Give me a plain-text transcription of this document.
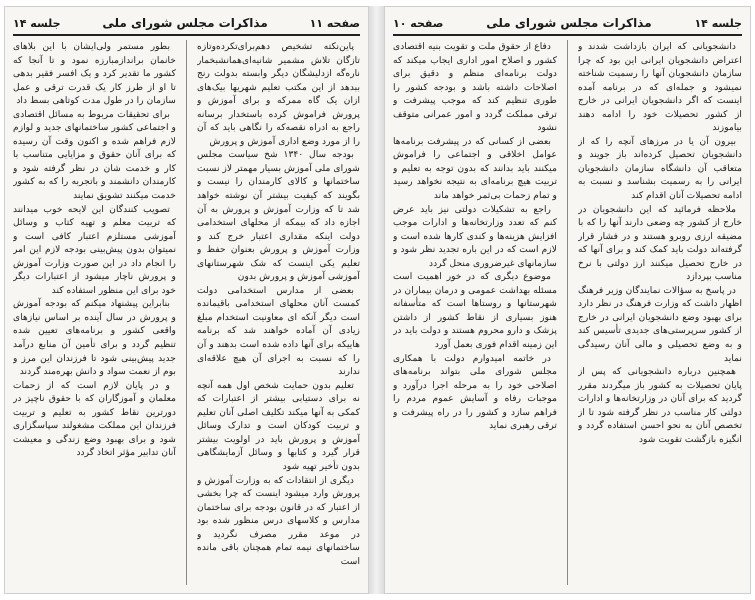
صفحه ۱۱
مذاکرات مجلس شورای ملی
جلسه ۱۴

پاین‌نکته تشخیص دهم‌برای‌تکرده‌وتازه تازگان تلاش مشمیر شانیه‌ای‌همانشبخمار ناره‌گه ازدلیشگان دیگر وابسته بدولت رنج ببدهد از این مکتب تعلیم شهریها بیک‌های ازان یک گاه ممرکه و برای آموزش و پرورش فراموش کرده باستخدار برسانه راجع به ادراه نقصه‌که را نگاهی باید که آن را از مورد وضع اداری آموزش و پرورش

بودجه سال ۱۳۴۰ شخ سیاست مجلس شورای ملی آموزش بسیار مهمتر لاز نسبت ساختمانها و کالای کارمندان را نیست و بگویند که کیفیت بیشتر آن نوشته خواهد شد تا که وزارت آموزش و پرورش به آن اجازه داد که بیمکه از محلهای استخدامی دولت اینکه مقداری اعتبار خرج کند و وزارت آموزش و پرورش بعنوان حفظ و تعلیم یکی اینست که شک شهرستانهای آموزشی آموزش و پرورش بدون

بعضی از مدارس استخدامی دولت کمست آنان محلهای استخدامی باقیمانده است دیگر آنکه ای معاونیت استخدام مبلغ زیادی آن آماده خواهند شد که برنامه هاییکه برای آنها داده شده است بدهند و آن را که نسبت به اجرای آن هیچ علاقه‌ای ندارند

تعلیم بدون حمایت شخص اول همه آنچه نه برای دستیابی بیشتر از اعتبارات که کمکی به آنها میکند تکلیف اصلی آنان تعلیم و تربیت کودکان است و تدارک وسائل آموزش و پرورش باید در اولویت بیشتر قرار گیرد و کتابها و وسائل آزمایشگاهی بدون تأخیر تهیه شود

دیگری از انتقادات که به وزارت آموزش و پرورش وارد میشود اینست که چرا بخشی از اعتبار که در قانون بودجه برای ساختمان مدارس و کلاسهای درس منظور شده بود در موعد مقرر مصرف نگردید و ساختمانهای نیمه تمام همچنان باقی مانده است

بطور مستمر ولی‌ایشان با این بلاهای خانمان براندازمبارزه نمود و تا آنجا که کشور ما تقدیر کرد و یک افسر فقیر بدهی تا او از طرز کار یک قدرت ترقی و عمل سازمان را در طول مدت کوتاهی بسط داد

برای تحقیقات مربوط به مسائل اقتصادی و اجتماعی کشور ساختمانهای جدید و لوازم لازم فراهم شده و اکنون وقت آن رسیده که برای آنان حقوق و مزایایی متناسب با کار و خدمت شان در نظر گرفته شود و کارمندان دانشمند و باتجربه را که به کشور خدمت میکنند تشویق نمایند

تصویب کنندگان این لایحه خوب میدانند که تربیت معلم و تهیه کتاب و وسائل آموزشی مستلزم اعتبار کافی است و نمیتوان بدون پیش‌بینی بودجه لازم این امر را انجام داد در این صورت وزارت آموزش و پرورش ناچار میشود از اعتبارات دیگر خود برای این منظور استفاده کند

بنابراین پیشنهاد میکنم که بودجه آموزش و پرورش در سال آینده بر اساس نیازهای واقعی کشور و برنامه‌های تعیین شده تنظیم گردد و برای تأمین آن منابع درآمد جدید پیش‌بینی شود تا فرزندان این مرز و بوم از نعمت سواد و دانش بهره‌مند گردند

و در پایان لازم است که از زحمات معلمان و آموزگاران که با حقوق ناچیز در دورترین نقاط کشور به تعلیم و تربیت فرزندان این مملکت مشغولند سپاسگزاری شود و برای بهبود وضع زندگی و معیشت آنان تدابیر مؤثر اتخاذ گردد

جلسه ۱۴
مذاکرات مجلس شورای ملی
صفحه ۱۰

دانشجویانی که ایران بازداشت شدند و اعتراض دانشجویان ایرانی این بود که چرا سازمان دانشجویان آنها را رسمیت شناخته نمیشود و جمله‌ای که در برنامه آمده اینست که اگر دانشجویان ایرانی در خارج از کشور تحصیلات خود را ادامه دهند بیاموزند

بیرون آن یا در مرزهای آنچه را که از دانشجویان تحصیل کرده‌اند باز جویند و متعاقب آن دانشگاه سازمان دانشجویان ایرانی را به رسمیت بشناسد و نسبت به ادامه تحصیلات آنان اقدام کند

ملاحظه فرمائید که این دانشجویان در خارج از کشور چه وضعی دارند آنها را که با مضیقه ارزی روبرو هستند و در فشار قرار گرفته‌اند دولت باید کمک کند و برای آنها که در خارج تحصیل میکنند ارز دولتی با نرخ مناسب بپردازد

در پاسخ به سؤالات نمایندگان وزیر فرهنگ اظهار داشت که وزارت فرهنگ در نظر دارد برای بهبود وضع دانشجویان ایرانی در خارج از کشور سرپرستی‌های جدیدی تأسیس کند و به وضع تحصیلی و مالی آنان رسیدگی نماید

همچنین درباره دانشجویانی که پس از پایان تحصیلات به کشور باز میگردند مقرر گردید که برای آنان در وزارتخانه‌ها و ادارات دولتی کار مناسب در نظر گرفته شود تا از تخصص آنان به نحو احسن استفاده گردد و انگیزه بازگشت تقویت شود

دفاع از حقوق ملت و تقویت بنیه اقتصادی کشور و اصلاح امور اداری ایجاب میکند که دولت برنامه‌ای منظم و دقیق برای اصلاحات داشته باشد و بودجه کشور را طوری تنظیم کند که موجب پیشرفت و ترقی مملکت گردد و امور عمرانی متوقف نشود

بعضی از کسانی که در پیشرفت برنامه‌ها عوامل اخلاقی و اجتماعی را فراموش میکنند باید بدانند که بدون توجه به تعلیم و تربیت هیچ برنامه‌ای به نتیجه نخواهد رسید و تمام زحمات بی‌ثمر خواهد ماند

راجع به تشکیلات دولتی نیز باید عرض کنم که تعدد وزارتخانه‌ها و ادارات موجب افزایش هزینه‌ها و کندی کارها شده است و لازم است که در این باره تجدید نظر شود و سازمانهای غیرضروری منحل گردد

موضوع دیگری که در خور اهمیت است مسئله بهداشت عمومی و درمان بیماران در شهرستانها و روستاها است که متأسفانه هنوز بسیاری از نقاط کشور از داشتن پزشک و دارو محروم هستند و دولت باید در این زمینه اقدام فوری بعمل آورد

در خاتمه امیدوارم دولت با همکاری مجلس شورای ملی بتواند برنامه‌های اصلاحی خود را به مرحله اجرا درآورد و موجبات رفاه و آسایش عموم مردم را فراهم سازد و کشور را در راه پیشرفت و ترقی رهبری نماید
